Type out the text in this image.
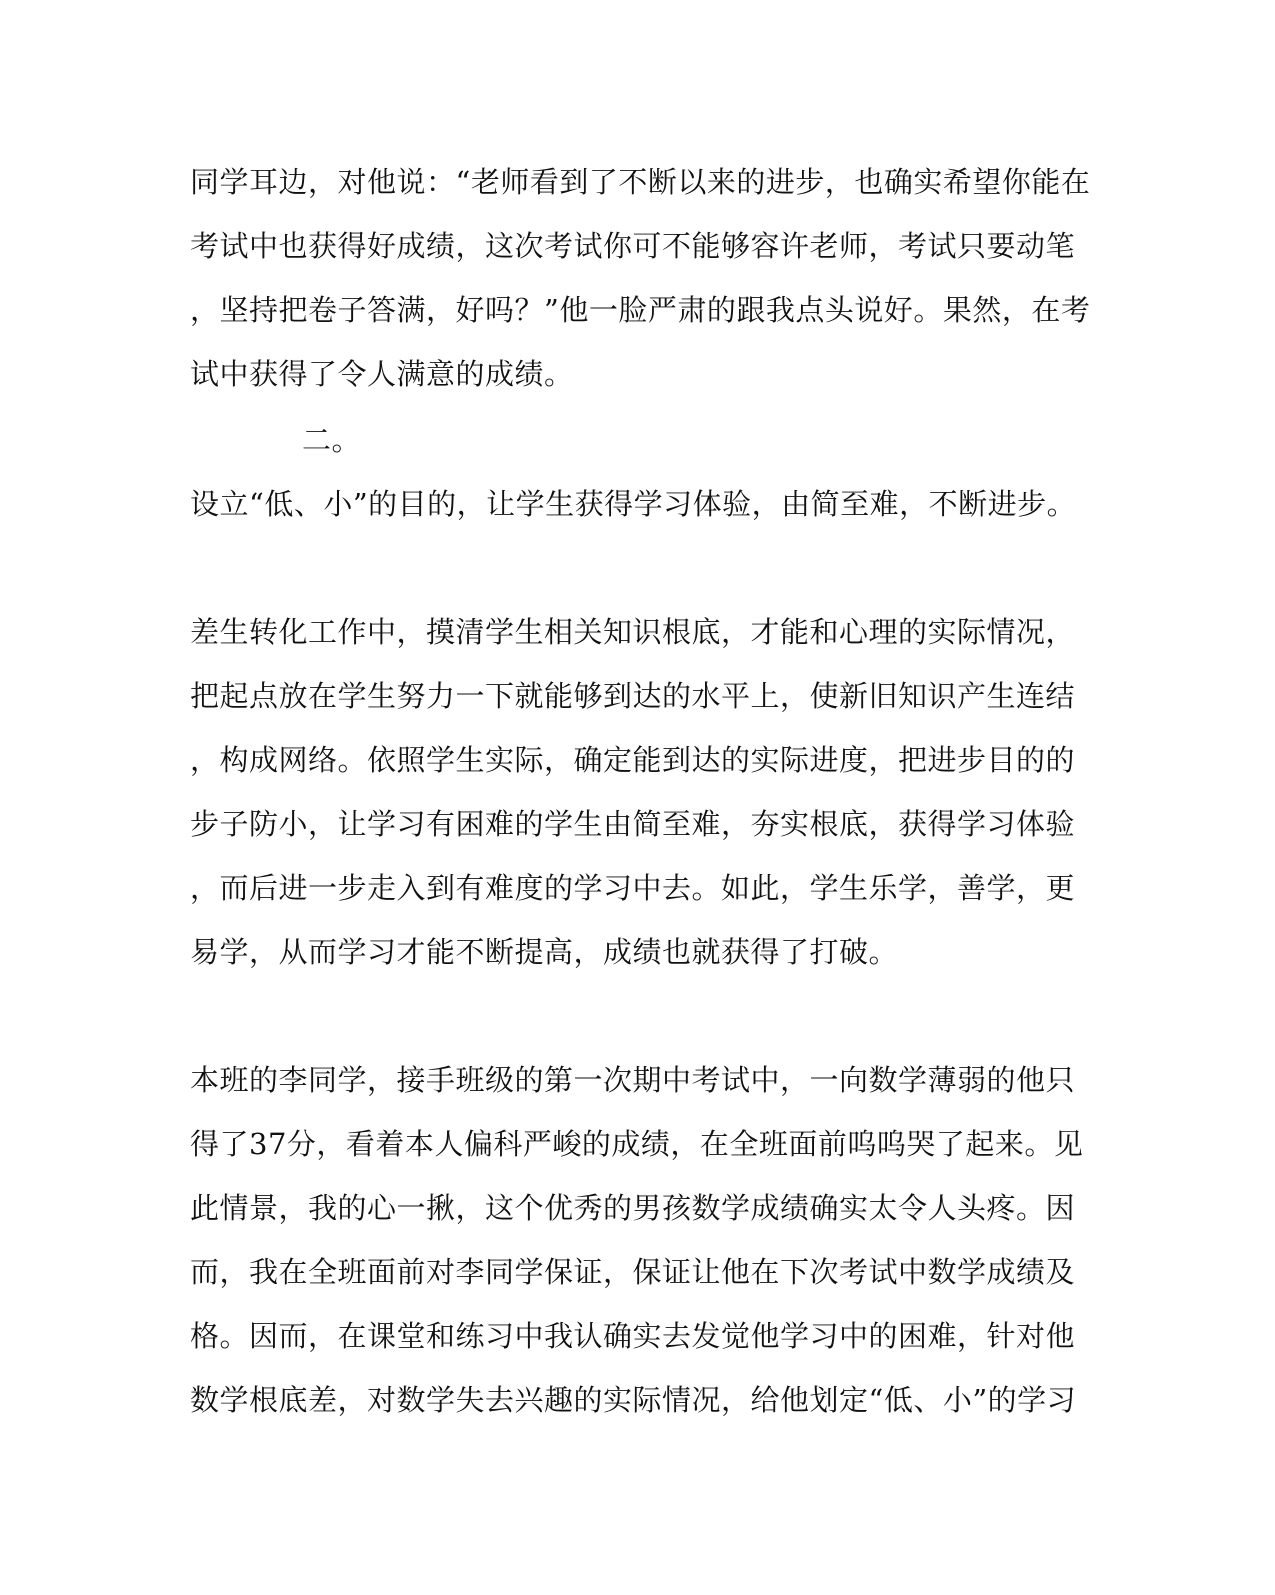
同学耳边，对他说：“老师看到了不断以来的进步，也确实希望你能在
考试中也获得好成绩，这次考试你可不能够容许老师，考试只要动笔
，坚持把卷子答满，好吗？”他一脸严肃的跟我点头说好。果然，在考
试中获得了令人满意的成绩。
二。
设立“低、小”的目的，让学生获得学习体验，由简至难，不断进步。
差生转化工作中，摸清学生相关知识根底，才能和心理的实际情况，
把起点放在学生努力一下就能够到达的水平上，使新旧知识产生连结
，构成网络。依照学生实际，确定能到达的实际进度，把进步目的的
步子防小，让学习有困难的学生由简至难，夯实根底，获得学习体验
，而后进一步走入到有难度的学习中去。如此，学生乐学，善学，更
易学，从而学习才能不断提高，成绩也就获得了打破。
本班的李同学，接手班级的第一次期中考试中，一向数学薄弱的他只
得了37分，看着本人偏科严峻的成绩，在全班面前呜呜哭了起来。见
此情景，我的心一揪，这个优秀的男孩数学成绩确实太令人头疼。因
而，我在全班面前对李同学保证，保证让他在下次考试中数学成绩及
格。因而，在课堂和练习中我认确实去发觉他学习中的困难，针对他
数学根底差，对数学失去兴趣的实际情况，给他划定“低、小”的学习
